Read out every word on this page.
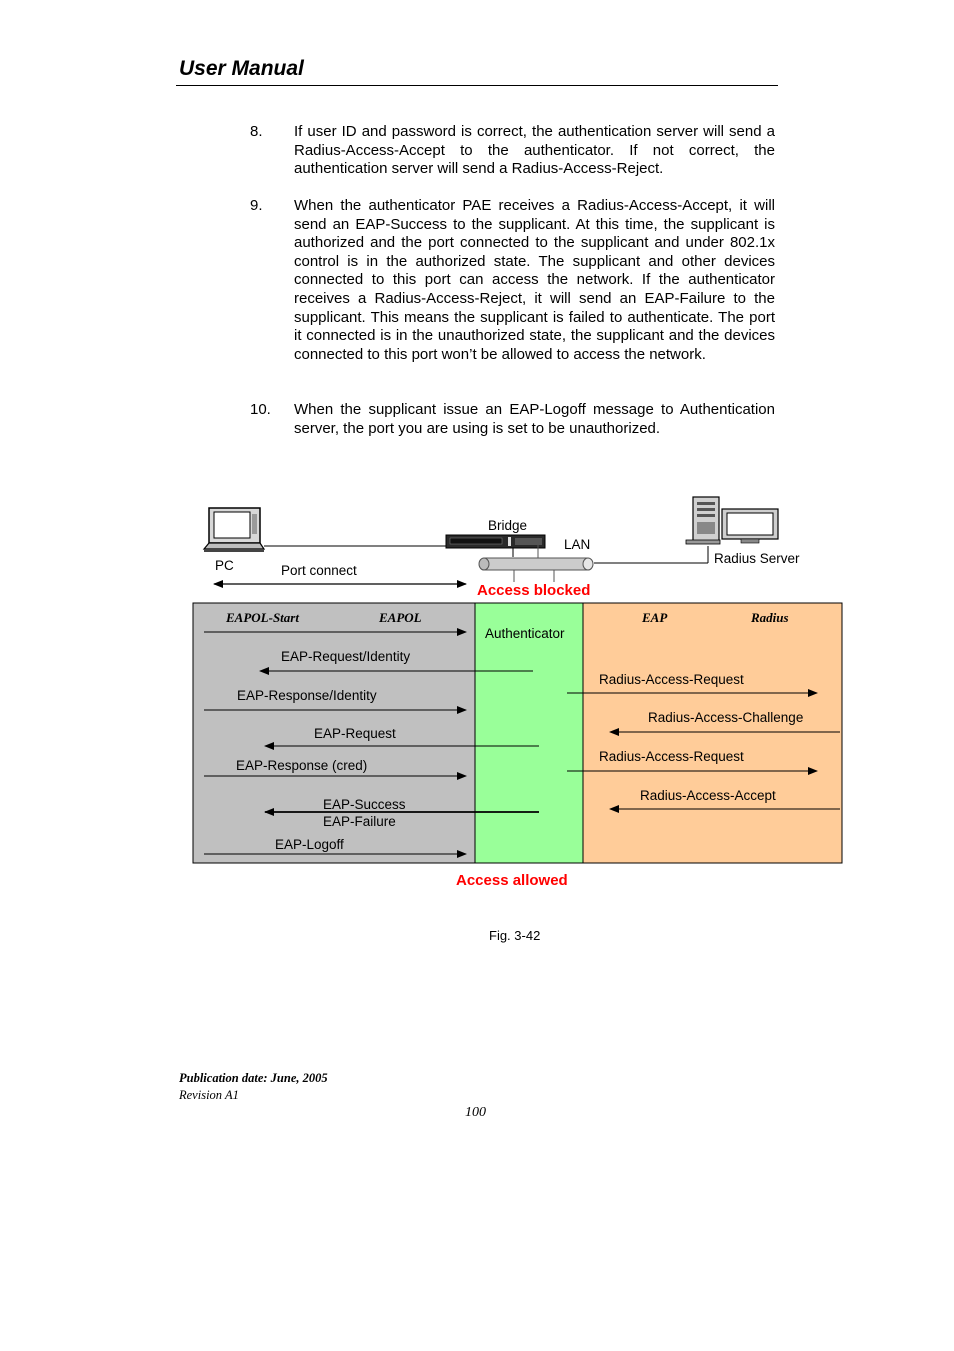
User Manual
8. If user ID and password is correct, the authentication server will send a Radius-Access-Accept to the authenticator. If not correct, the authentication server will send a Radius-Access-Reject.
9. When the authenticator PAE receives a Radius-Access-Accept, it will send an EAP-Success to the supplicant. At this time, the supplicant is authorized and the port connected to the supplicant and under 802.1x control is in the authorized state. The supplicant and other devices connected to this port can access the network. If the authenticator receives a Radius-Access-Reject, it will send an EAP-Failure to the supplicant. This means the supplicant is failed to authenticate. The port it connected is in the unauthorized state, the supplicant and the devices connected to this port won’t be allowed to access the network.
10. When the supplicant issue an EAP-Logoff message to Authentication server, the port you are using is set to be unauthorized.
PC
Bridge
LAN
Radius Server
Port connect
Access blocked
EAPOL-Start	EAPOL	EAP	Radius
Authenticator
EAP-Request/Identity
EAP-Response/Identity
EAP-Request
EAP-Response (cred)
EAP-Success
EAP-Failure
EAP-Logoff
Radius-Access-Request
Radius-Access-Challenge
Radius-Access-Request
Radius-Access-Accept
Access allowed
Fig. 3-42
Publication date: June, 2005
Revision A1
100
